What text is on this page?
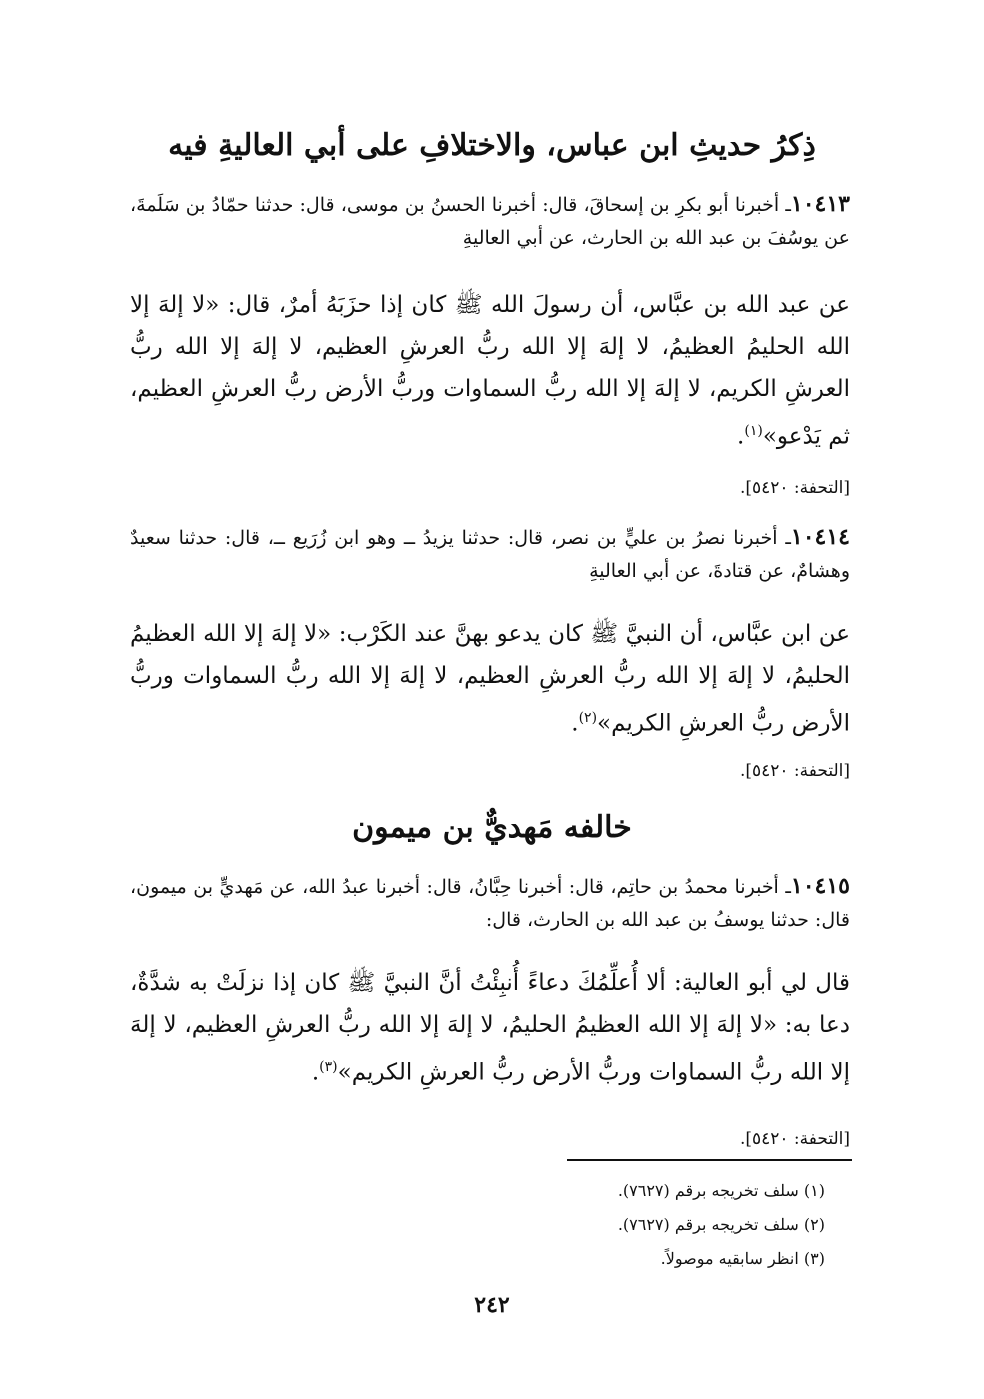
ذِكرُ حديثِ ابن عباس، والاختلافِ على أبي العاليةِ فيه

١٠٤١٣ـ أخبرنا أبو بكرِ بن إسحاقَ، قال: أخبرنا الحسنُ بن موسى، قال: حدثنا حمّادُ بن سَلَمةَ، عن يوسُفَ بن عبد الله بن الحارث، عن أبي العاليةِ

عن عبد الله بن عبَّاس، أن رسولَ الله ﷺ كان إذا حزَبَهُ أمرٌ، قال: «لا إلهَ إلا الله الحليمُ العظيمُ، لا إلهَ إلا الله ربُّ العرشِ العظيم، لا إلهَ إلا الله ربُّ العرشِ الكريم، لا إلهَ إلا الله ربُّ السماوات وربُّ الأرض ربُّ العرشِ العظيم، ثم يَدْعو»$^{(١)}$.

[التحفة: ٥٤٢٠].

١٠٤١٤ـ أخبرنا نصرُ بن عليٍّ بن نصر، قال: حدثنا يزيدُ ــ وهو ابن زُرَيع ــ، قال: حدثنا سعيدٌ وهشامٌ، عن قتادةَ، عن أبي العاليةِ

عن ابن عبَّاس، أن النبيَّ ﷺ كان يدعو بهنَّ عند الكَرْب: «لا إلهَ إلا الله العظيمُ الحليمُ، لا إلهَ إلا الله ربُّ العرشِ العظيم، لا إلهَ إلا الله ربُّ السماوات وربُّ الأرض ربُّ العرشِ الكريم»$^{(٢)}$.

[التحفة: ٥٤٢٠].

خالفه مَهديٌّ بن ميمون

١٠٤١٥ـ أخبرنا محمدُ بن حاتِم، قال: أخبرنا حِبَّانُ، قال: أخبرنا عبدُ الله، عن مَهديٍّ بن ميمون، قال: حدثنا يوسفُ بن عبد الله بن الحارث، قال:

قال لي أبو العالية: ألا أُعلِّمُكَ دعاءً أُنبِئْتُ أنَّ النبيَّ ﷺ كان إذا نزلَتْ به شدَّةٌ، دعا به: «لا إلهَ إلا الله العظيمُ الحليمُ، لا إلهَ إلا الله ربُّ العرشِ العظيم، لا إلهَ إلا الله ربُّ السماوات وربُّ الأرض ربُّ العرشِ الكريم»$^{(٣)}$.

[التحفة: ٥٤٢٠].

(١) سلف تخريجه برقم (٧٦٢٧).
(٢) سلف تخريجه برقم (٧٦٢٧).
(٣) انظر سابقيه موصولاً.
٢٤٢
